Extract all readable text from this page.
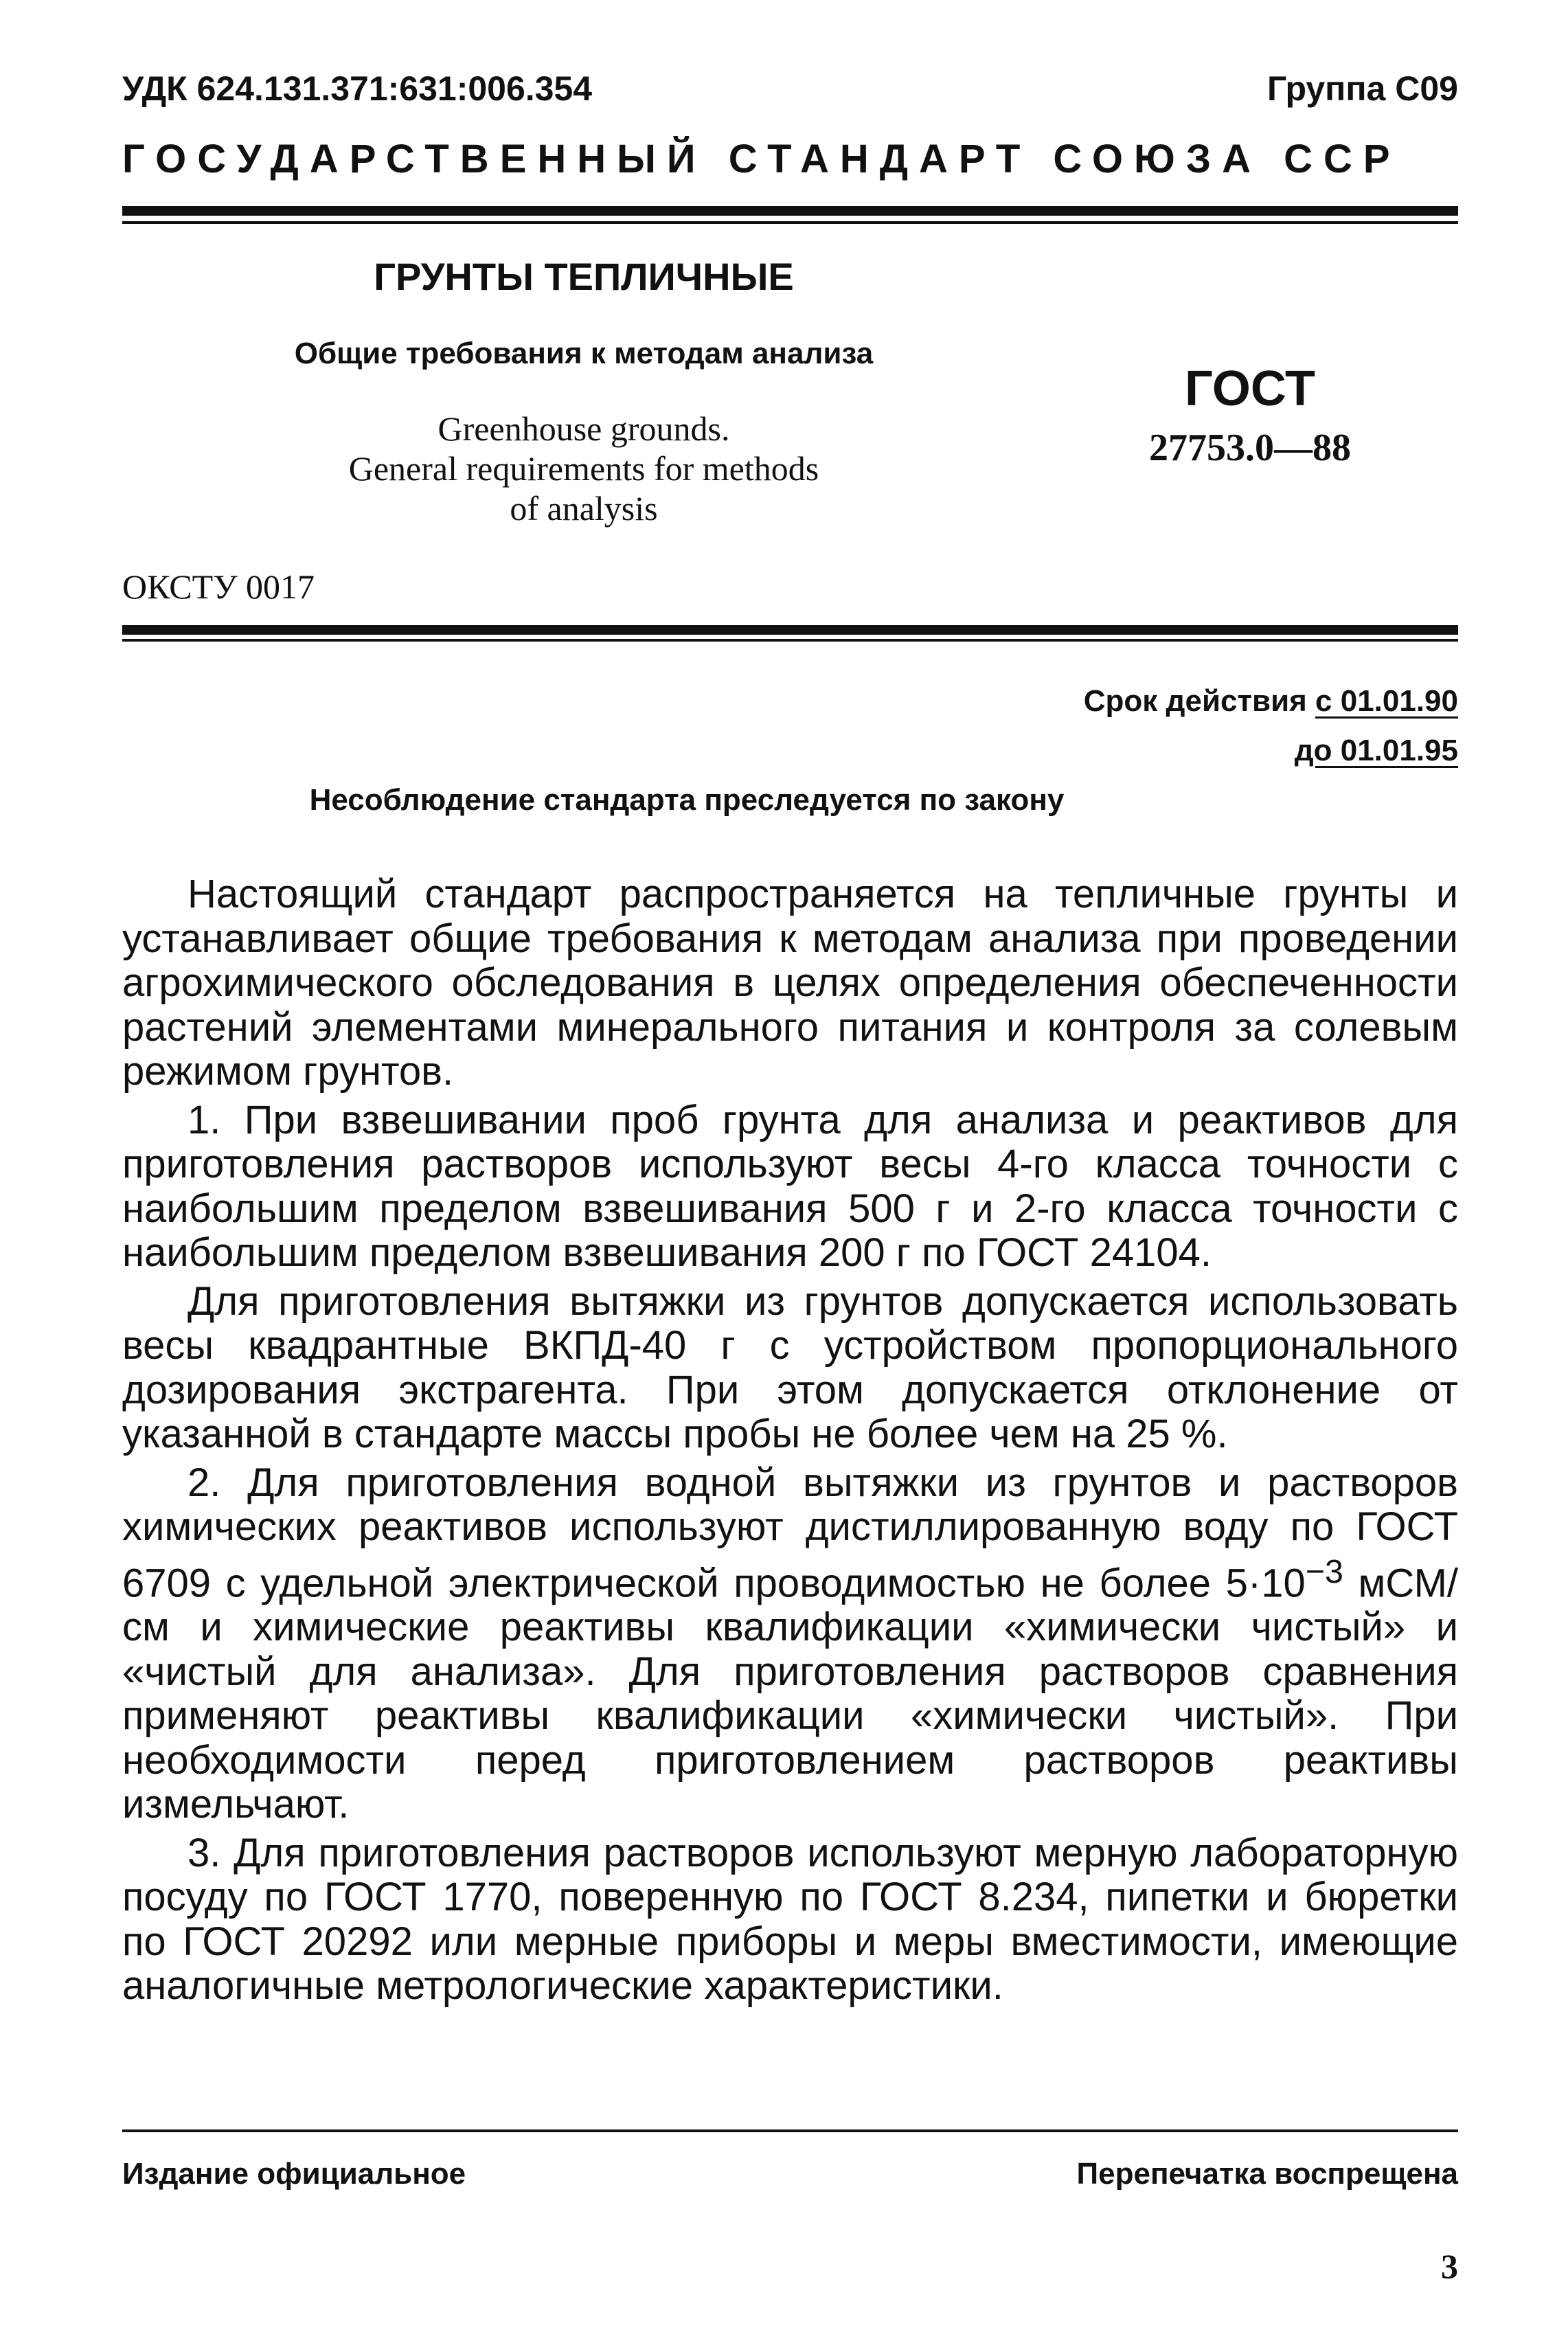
УДК 624.131.371:631:006.354	Группа С09
ГОСУДАРСТВЕННЫЙ СТАНДАРТ СОЮЗА ССР
ГРУНТЫ ТЕПЛИЧНЫЕ
Общие требования к методам анализа
Greenhouse grounds.
General requirements for methods
of analysis
ГОСТ
27753.0—88
ОКСТУ 0017
Срок действия с 01.01.90
до 01.01.95
Несоблюдение стандарта преследуется по закону

Настоящий стандарт распространяется на тепличные грунты и устанавливает общие требования к методам анализа при проведении агрохимического обследования в целях определения обеспеченности растений элементами минерального питания и контроля за солевым режимом грунтов.

1. При взвешивании проб грунта для анализа и реактивов для приготовления растворов используют весы 4-го класса точности с наибольшим пределом взвешивания 500 г и 2-го класса точности с наибольшим пределом взвешивания 200 г по ГОСТ 24104.

Для приготовления вытяжки из грунтов допускается использовать весы квадрантные ВКПД-40 г с устройством пропорционального дозирования экстрагента. При этом допускается отклонение от указанной в стандарте массы пробы не более чем на 25 %.

2. Для приготовления водной вытяжки из грунтов и растворов химических реактивов используют дистиллированную воду по ГОСТ 6709 с удельной электрической проводимостью не более $5\cdot 10^{-3}$ мСМ/см и химические реактивы квалификации «химически чистый» и «чистый для анализа». Для приготовления растворов сравнения применяют реактивы квалификации «химически чистый». При необходимости перед приготовлением растворов реактивы измельчают.

3. Для приготовления растворов используют мерную лабораторную посуду по ГОСТ 1770, поверенную по ГОСТ 8.234, пипетки и бюретки по ГОСТ 20292 или мерные приборы и меры вместимости, имеющие аналогичные метрологические характеристики.

Издание официальное	Перепечатка воспрещена
3
